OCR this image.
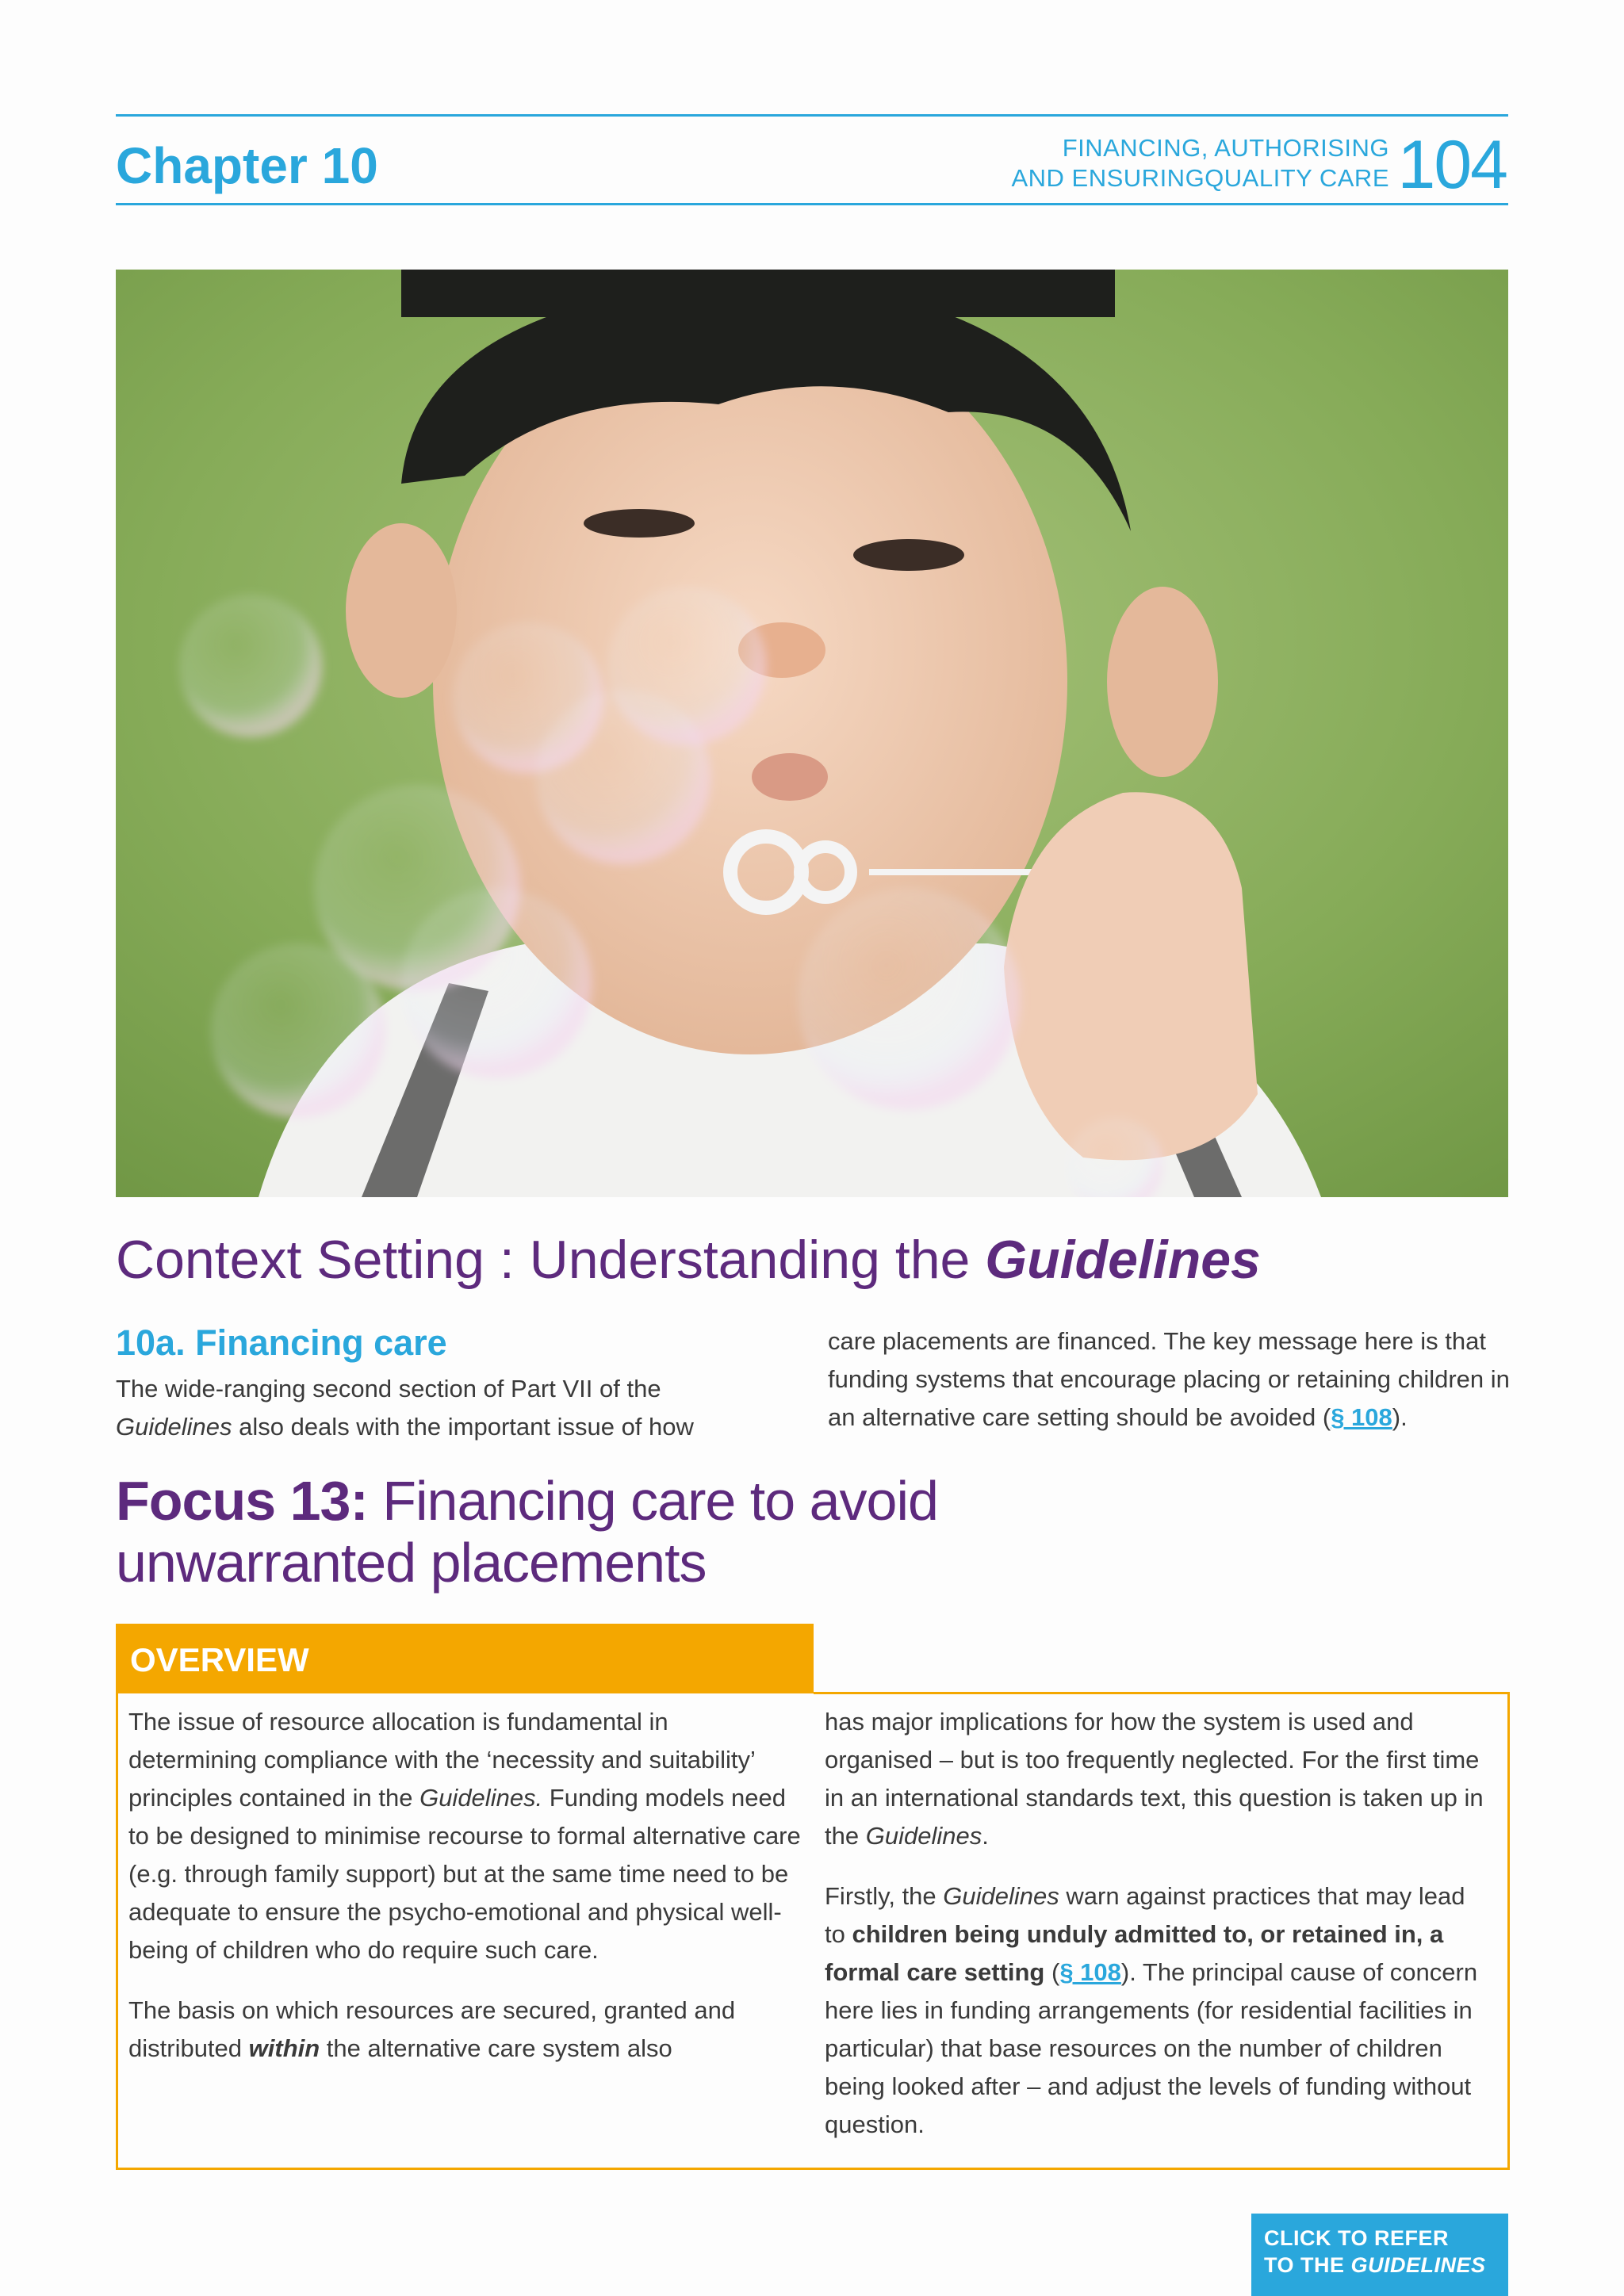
Chapter 10	FINANCING, AUTHORISING
AND ENSURINGQUALITY CARE 104
Context Setting : Understanding the Guidelines
10a. Financing care
The wide-ranging second section of Part VII of the Guidelines also deals with the important issue of how
care placements are financed. The key message here is that funding systems that encourage placing or retaining children in an alternative care setting should be avoided (§ 108).
Focus 13: Financing care to avoid unwarranted placements
OVERVIEW

The issue of resource allocation is fundamental in determining compliance with the ‘necessity and suitability’ principles contained in the Guidelines. Funding models need to be designed to minimise recourse to formal alternative care (e.g. through family support) but at the same time need to be adequate to ensure the psycho-emotional and physical well-being of children who do require such care.

The basis on which resources are secured, granted and distributed within the alternative care system also

has major implications for how the system is used and organised – but is too frequently neglected. For the first time in an international standards text, this question is taken up in the Guidelines.

Firstly, the Guidelines warn against practices that may lead to children being unduly admitted to, or retained in, a formal care setting (§ 108). The principal cause of concern here lies in funding arrangements (for residential facilities in particular) that base resources on the number of children being looked after – and adjust the levels of funding without question.

CLICK TO REFER
TO THE GUIDELINES
